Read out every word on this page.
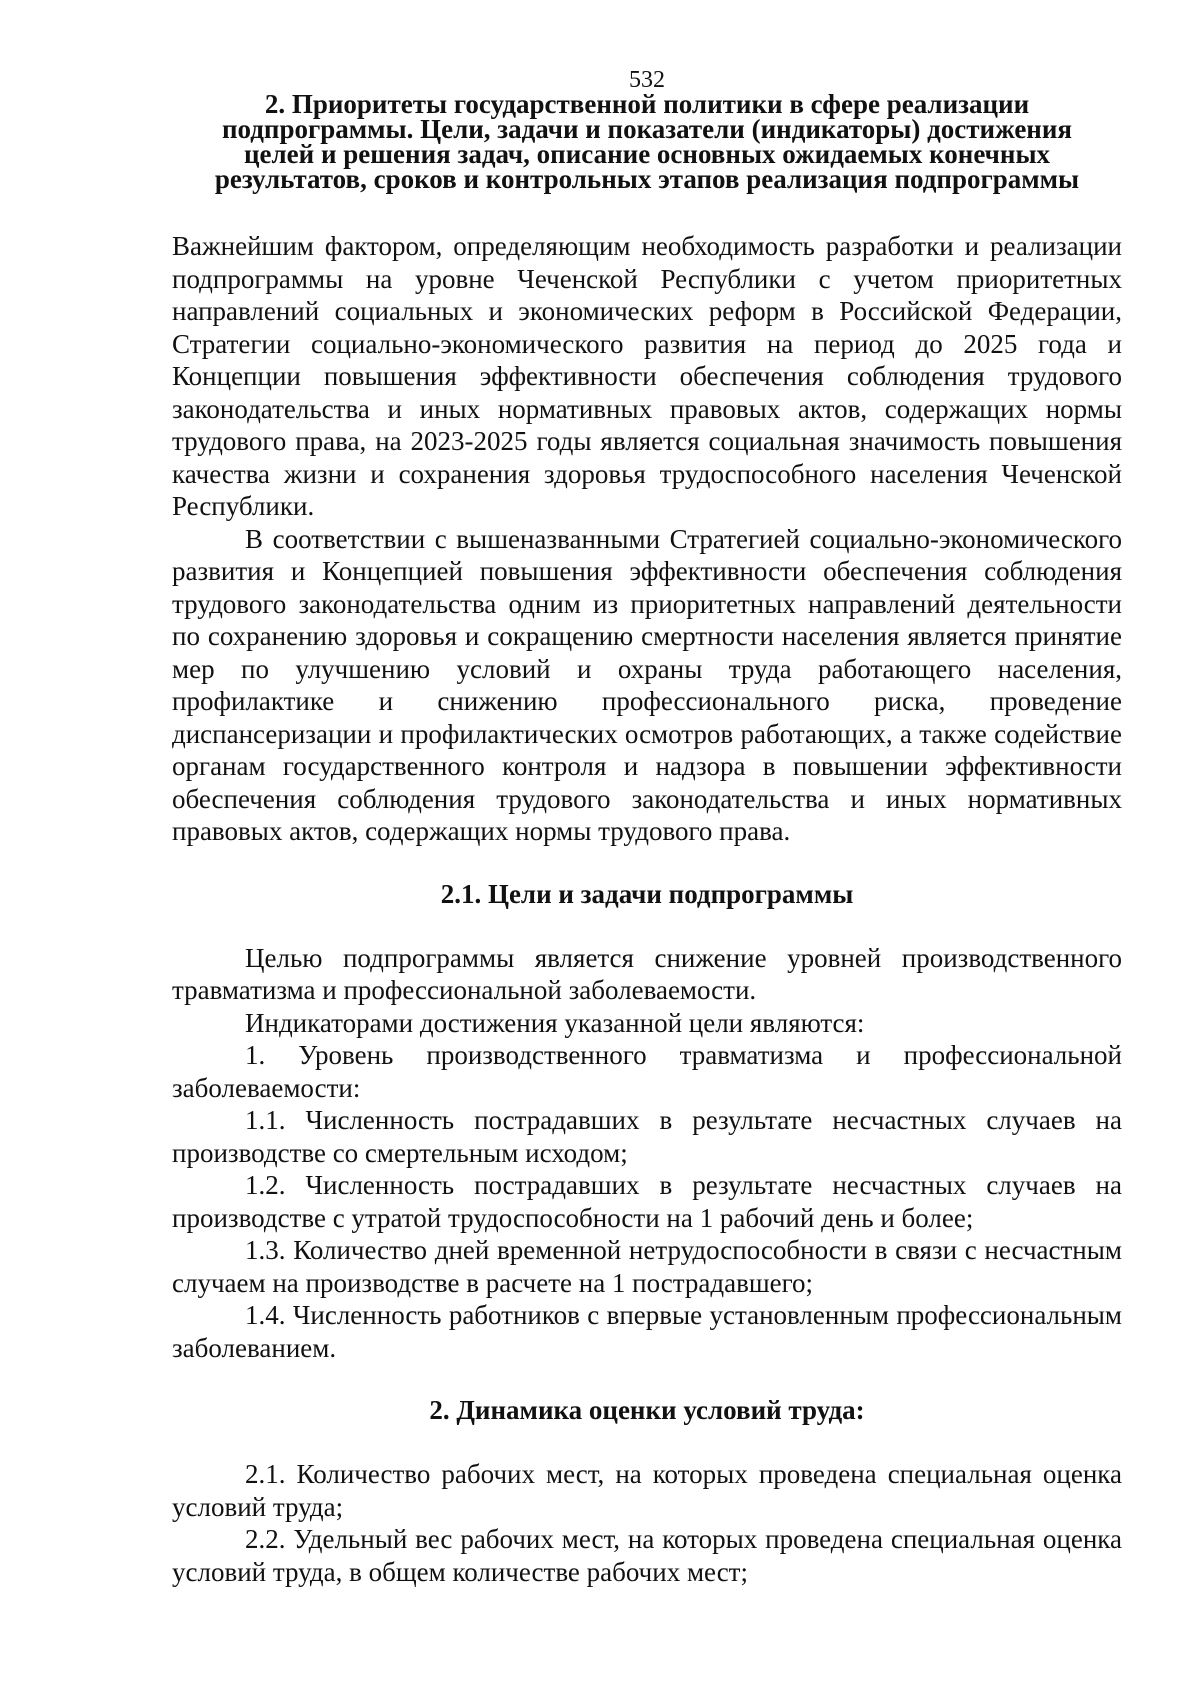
532
2. Приоритеты государственной политики в сфере реализации
подпрограммы. Цели, задачи и показатели (индикаторы) достижения
целей и решения задач, описание основных ожидаемых конечных
результатов, сроков и контрольных этапов реализация подпрограммы

Важнейшим фактором, определяющим необходимость разработки и реализации подпрограммы на уровне Чеченской Республики с учетом приоритетных направлений социальных и экономических реформ в Российской Федерации, Стратегии социально-экономического развития на период до 2025 года и Концепции повышения эффективности обеспечения соблюдения трудового законодательства и иных нормативных правовых актов, содержащих нормы трудового права, на 2023-2025 годы является социальная значимость повышения качества жизни и сохранения здоровья трудоспособного населения Чеченской Республики.

В соответствии с вышеназванными Стратегией социально-экономического развития и Концепцией повышения эффективности обеспечения соблюдения трудового законодательства одним из приоритетных направлений деятельности по сохранению здоровья и сокращению смертности населения является принятие мер по улучшению условий и охраны труда работающего населения, профилактике и снижению профессионального риска, проведение диспансеризации и профилактических осмотров работающих, а также содействие органам государственного контроля и надзора в повышении эффективности обеспечения соблюдения трудового законодательства и иных нормативных правовых актов, содержащих нормы трудового права.

2.1. Цели и задачи подпрограммы

Целью подпрограммы является снижение уровней производственного травматизма и профессиональной заболеваемости.

Индикаторами достижения указанной цели являются:

1. Уровень производственного травматизма и профессиональной заболеваемости:

1.1. Численность пострадавших в результате несчастных случаев на производстве со смертельным исходом;

1.2. Численность пострадавших в результате несчастных случаев на производстве с утратой трудоспособности на 1 рабочий день и более;

1.3. Количество дней временной нетрудоспособности в связи с несчастным случаем на производстве в расчете на 1 пострадавшего;

1.4. Численность работников с впервые установленным профессиональным заболеванием.

2. Динамика оценки условий труда:

2.1. Количество рабочих мест, на которых проведена специальная оценка условий труда;

2.2. Удельный вес рабочих мест, на которых проведена специальная оценка условий труда, в общем количестве рабочих мест;
